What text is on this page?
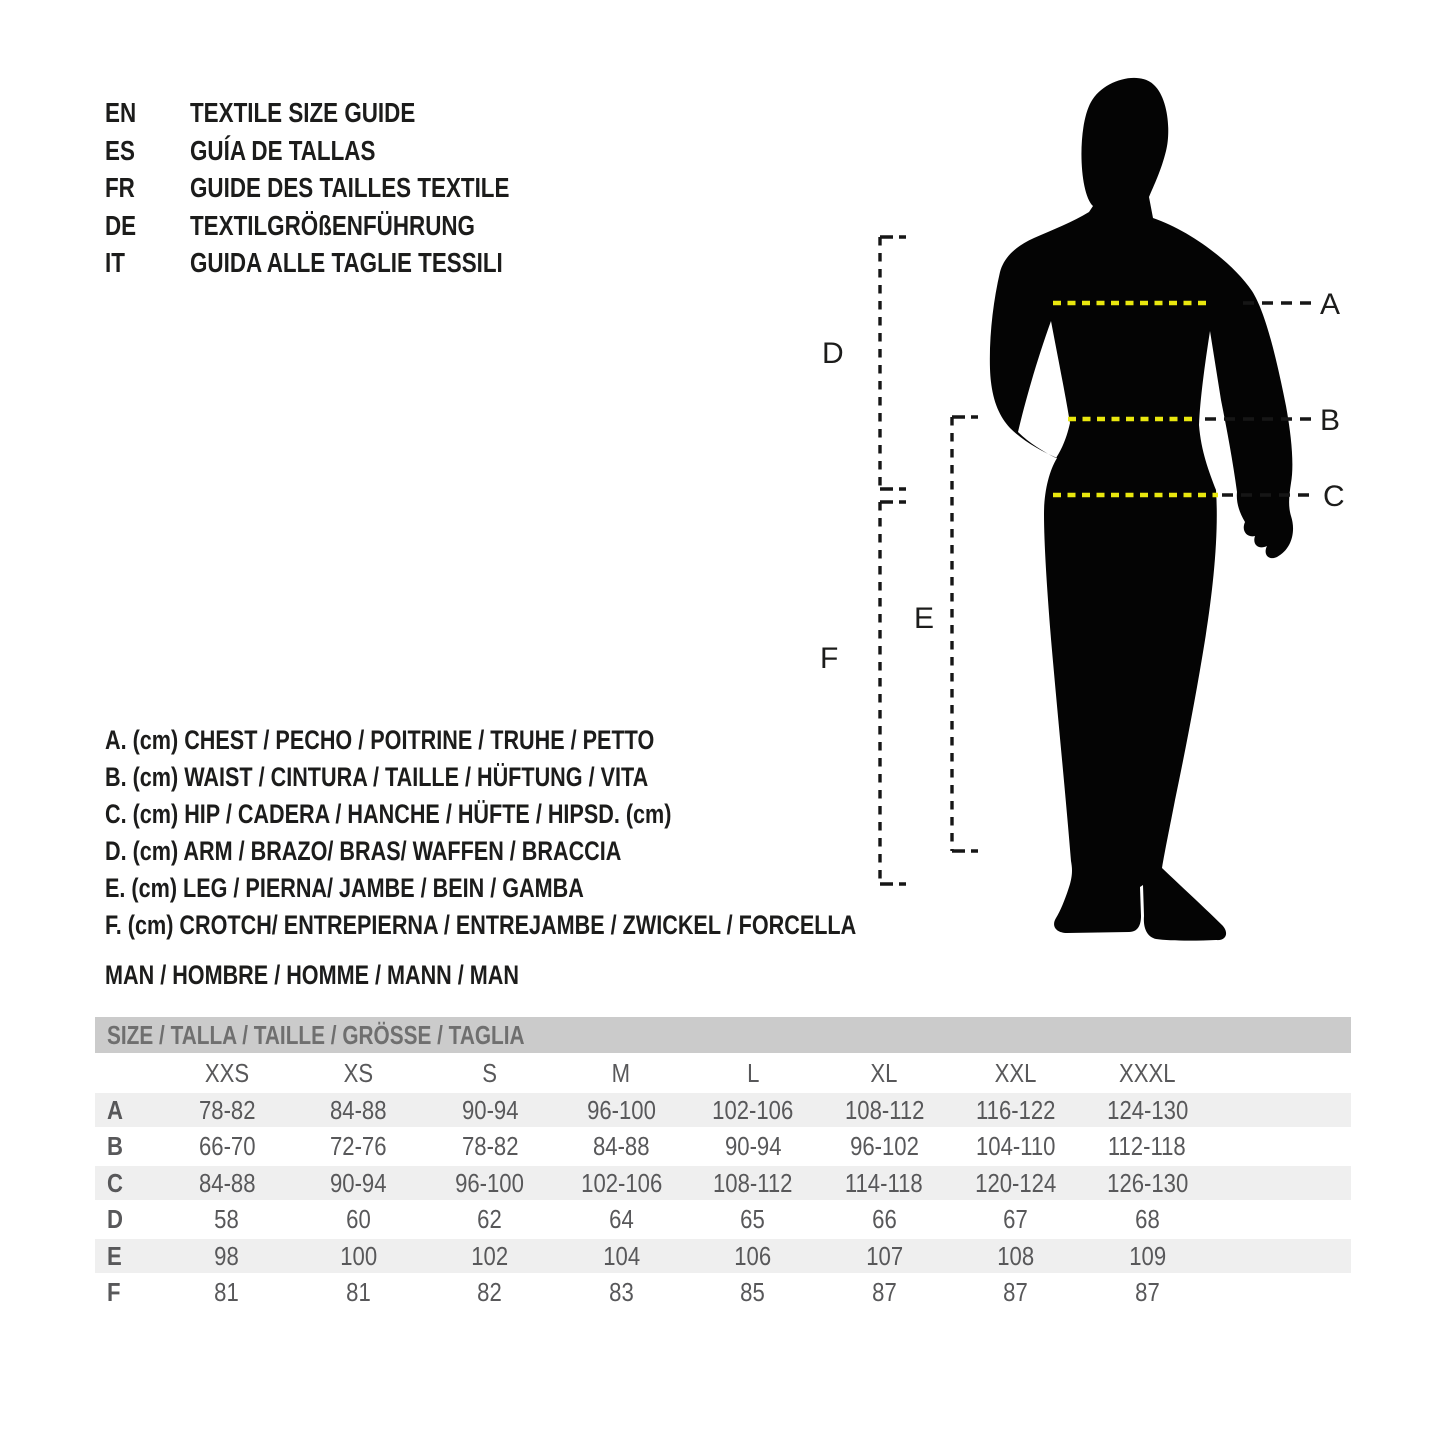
EN	TEXTILE SIZE GUIDE
ES	GUÍA DE TALLAS
FR	GUIDE DES TAILLES TEXTILE
DE	TEXTILGRÖßENFÜHRUNG
IT	GUIDA ALLE TAGLIE TESSILI
A. (cm) CHEST / PECHO / POITRINE / TRUHE / PETTO
B. (cm) WAIST / CINTURA / TAILLE / HÜFTUNG / VITA
C. (cm) HIP / CADERA / HANCHE / HÜFTE / HIPSD. (cm)
D. (cm) ARM / BRAZO/ BRAS/ WAFFEN / BRACCIA
E. (cm) LEG / PIERNA/ JAMBE / BEIN / GAMBA
F. (cm) CROTCH/ ENTREPIERNA / ENTREJAMBE / ZWICKEL / FORCELLA
MAN / HOMBRE / HOMME / MANN / MAN
SIZE / TALLA / TAILLE / GRÖSSE / TAGLIA
XXS	XS	S	M	L	XL	XXL	XXXL
A	78-82	84-88	90-94	96-100	102-106	108-112	116-122	124-130
B	66-70	72-76	78-82	84-88	90-94	96-102	104-110	112-118
C	84-88	90-94	96-100	102-106	108-112	114-118	120-124	126-130
D	58	60	62	64	65	66	67	68
E	98	100	102	104	106	107	108	109
F	81	81	82	83	85	87	87	87
A
B
C
D
E
F
